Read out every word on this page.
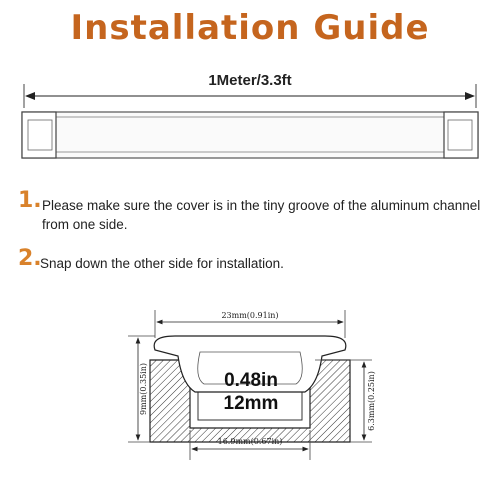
Installation Guide
1Meter/3.3ft
1. Please make sure the cover is in the tiny groove of the aluminum channel from one side.
2.
Snap down the other side for installation.
23mm(0.91in)
16.9mm(0.67in)
9mm(0.35in)	6.3mm(0.25in)
0.48in
12mm
